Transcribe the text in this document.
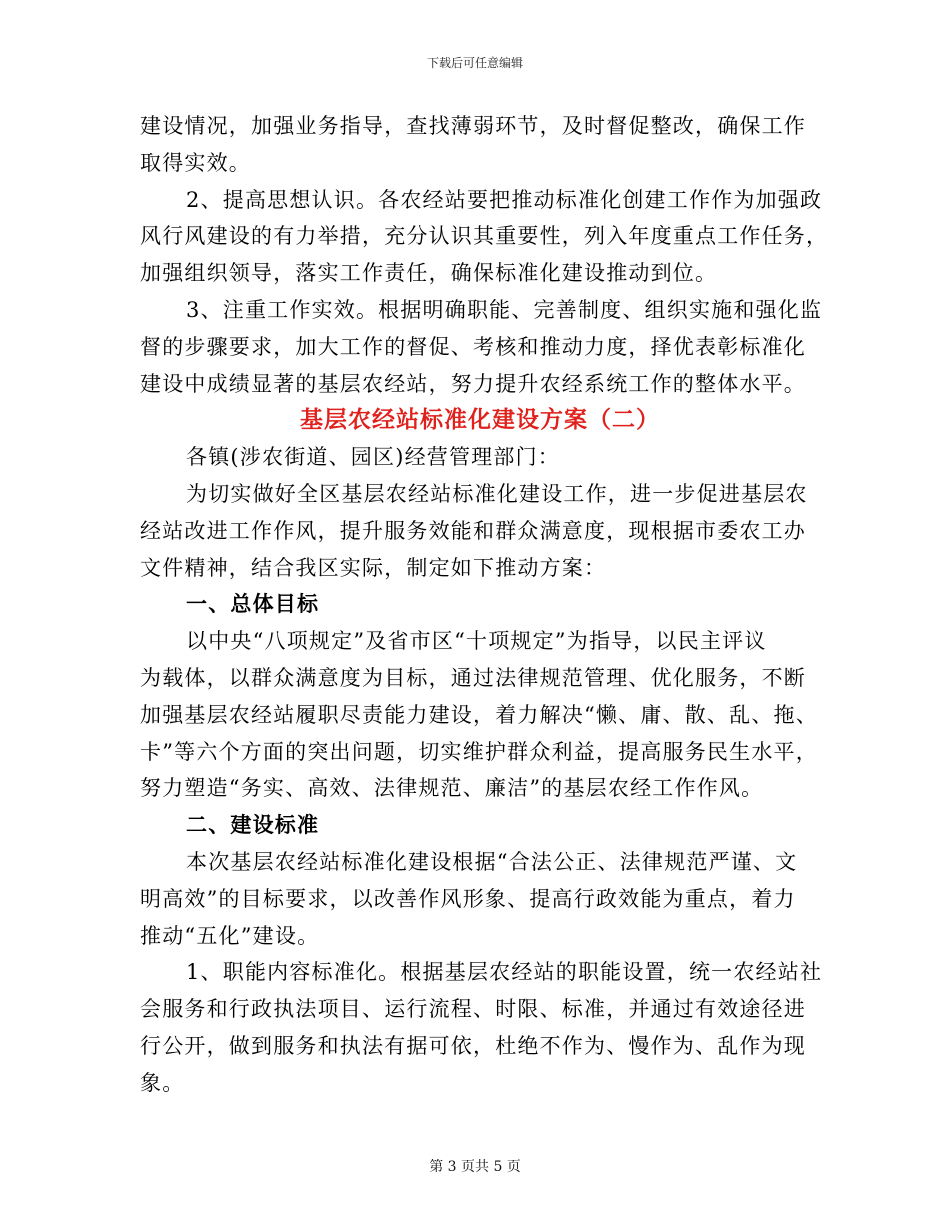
下载后可任意编辑
建设情况，加强业务指导，查找薄弱环节，及时督促整改，确保工作
取得实效。
2、提高思想认识。各农经站要把推动标准化创建工作作为加强政
风行风建设的有力举措，充分认识其重要性，列入年度重点工作任务，
加强组织领导，落实工作责任，确保标准化建设推动到位。
3、注重工作实效。根据明确职能、完善制度、组织实施和强化监
督的步骤要求，加大工作的督促、考核和推动力度，择优表彰标准化
建设中成绩显著的基层农经站，努力提升农经系统工作的整体水平。
基层农经站标准化建设方案（二）
各镇(涉农街道、园区)经营管理部门：
为切实做好全区基层农经站标准化建设工作，进一步促进基层农
经站改进工作作风，提升服务效能和群众满意度，现根据市委农工办
文件精神，结合我区实际，制定如下推动方案：
一、总体目标
以中央“八项规定”及省市区“十项规定”为指导，以民主评议
为载体，以群众满意度为目标，通过法律规范管理、优化服务，不断
加强基层农经站履职尽责能力建设，着力解决“懒、庸、散、乱、拖、
卡”等六个方面的突出问题，切实维护群众利益，提高服务民生水平，
努力塑造“务实、高效、法律规范、廉洁”的基层农经工作作风。
二、建设标准
本次基层农经站标准化建设根据“合法公正、法律规范严谨、文
明高效”的目标要求，以改善作风形象、提高行政效能为重点，着力
推动“五化”建设。
1、职能内容标准化。根据基层农经站的职能设置，统一农经站社
会服务和行政执法项目、运行流程、时限、标准，并通过有效途径进
行公开，做到服务和执法有据可依，杜绝不作为、慢作为、乱作为现
象。
第 3 页共 5 页
